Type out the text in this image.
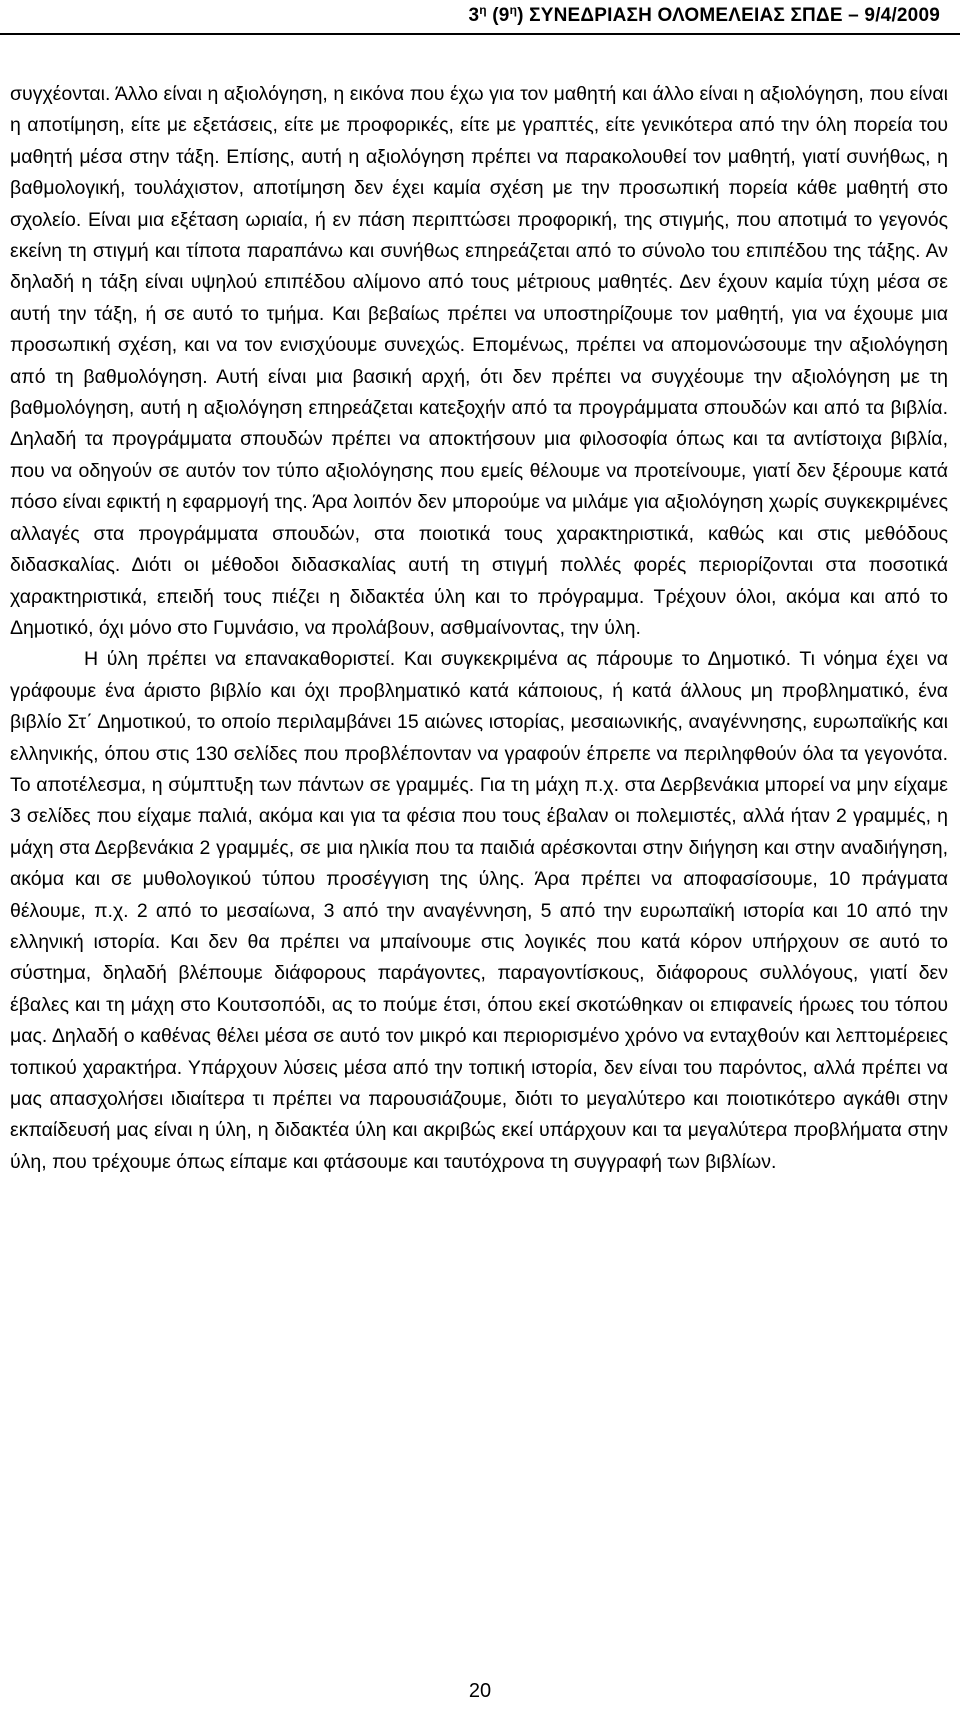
$3^\eta$ $(9^\eta)$ ΣΥΝΕΔΡΙΑΣΗ ΟΛΟΜΕΛΕΙΑΣ ΣΠΔΕ – 9/4/2009

συγχέονται. Άλλο είναι η αξιολόγηση, η εικόνα που έχω για τον μαθητή και άλλο είναι η αξιολόγηση, που είναι η αποτίμηση, είτε με εξετάσεις, είτε με προφορικές, είτε με γραπτές, είτε γενικότερα από την όλη πορεία του μαθητή μέσα στην τάξη. Επίσης, αυτή η αξιολόγηση πρέπει να παρακολουθεί τον μαθητή, γιατί συνήθως, η βαθμολογική, τουλάχιστον, αποτίμηση δεν έχει καμία σχέση με την προσωπική πορεία κάθε μαθητή στο σχολείο. Είναι μια εξέταση ωριαία, ή εν πάση περιπτώσει προφορική, της στιγμής, που αποτιμά το γεγονός εκείνη τη στιγμή και τίποτα παραπάνω και συνήθως επηρεάζεται από το σύνολο του επιπέδου της τάξης. Αν δηλαδή η τάξη είναι υψηλού επιπέδου αλίμονο από τους μέτριους μαθητές. Δεν έχουν καμία τύχη μέσα σε αυτή την τάξη, ή σε αυτό το τμήμα. Και βεβαίως πρέπει να υποστηρίζουμε τον μαθητή, για να έχουμε μια προσωπική σχέση, και να τον ενισχύουμε συνεχώς. Επομένως, πρέπει να απομονώσουμε την αξιολόγηση από τη βαθμολόγηση. Αυτή είναι μια βασική αρχή, ότι δεν πρέπει να συγχέουμε την αξιολόγηση με τη βαθμολόγηση, αυτή η αξιολόγηση επηρεάζεται κατεξοχήν από τα προγράμματα σπουδών και από τα βιβλία. Δηλαδή τα προγράμματα σπουδών πρέπει να αποκτήσουν μια φιλοσοφία όπως και τα αντίστοιχα βιβλία, που να οδηγούν σε αυτόν τον τύπο αξιολόγησης που εμείς θέλουμε να προτείνουμε, γιατί δεν ξέρουμε κατά πόσο είναι εφικτή η εφαρμογή της. Άρα λοιπόν δεν μπορούμε να μιλάμε για αξιολόγηση χωρίς συγκεκριμένες αλλαγές στα προγράμματα σπουδών, στα ποιοτικά τους χαρακτηριστικά, καθώς και στις μεθόδους διδασκαλίας. Διότι οι μέθοδοι διδασκαλίας αυτή τη στιγμή πολλές φορές περιορίζονται στα ποσοτικά χαρακτηριστικά, επειδή τους πιέζει η διδακτέα ύλη και το πρόγραμμα. Τρέχουν όλοι, ακόμα και από το Δημοτικό, όχι μόνο στο Γυμνάσιο, να προλάβουν, ασθμαίνοντας, την ύλη.

Η ύλη πρέπει να επανακαθοριστεί. Και συγκεκριμένα ας πάρουμε το Δημοτικό. Τι νόημα έχει να γράφουμε ένα άριστο βιβλίο και όχι προβληματικό κατά κάποιους, ή κατά άλλους μη προβληματικό, ένα βιβλίο Στ΄ Δημοτικού, το οποίο περιλαμβάνει 15 αιώνες ιστορίας, μεσαιωνικής, αναγέννησης, ευρωπαϊκής και ελληνικής, όπου στις 130 σελίδες που προβλέπονταν να γραφούν έπρεπε να περιληφθούν όλα τα γεγονότα. Το αποτέλεσμα, η σύμπτυξη των πάντων σε γραμμές. Για τη μάχη π.χ. στα Δερβενάκια μπορεί να μην είχαμε 3 σελίδες που είχαμε παλιά, ακόμα και για τα φέσια που τους έβαλαν οι πολεμιστές, αλλά ήταν 2 γραμμές, η μάχη στα Δερβενάκια 2 γραμμές, σε μια ηλικία που τα παιδιά αρέσκονται στην διήγηση και στην αναδιήγηση, ακόμα και σε μυθολογικού τύπου προσέγγιση της ύλης. Άρα πρέπει να αποφασίσουμε, 10 πράγματα θέλουμε, π.χ. 2 από το μεσαίωνα, 3 από την αναγέννηση, 5 από την ευρωπαϊκή ιστορία και 10 από την ελληνική ιστορία. Και δεν θα πρέπει να μπαίνουμε στις λογικές που κατά κόρον υπήρχουν σε αυτό το σύστημα, δηλαδή βλέπουμε διάφορους παράγοντες, παραγοντίσκους, διάφορους συλλόγους, γιατί δεν έβαλες και τη μάχη στο Κουτσοπόδι, ας το πούμε έτσι, όπου εκεί σκοτώθηκαν οι επιφανείς ήρωες του τόπου μας. Δηλαδή ο καθένας θέλει μέσα σε αυτό τον μικρό και περιορισμένο χρόνο να ενταχθούν και λεπτομέρειες τοπικού χαρακτήρα. Υπάρχουν λύσεις μέσα από την τοπική ιστορία, δεν είναι του παρόντος, αλλά πρέπει να μας απασχολήσει ιδιαίτερα τι πρέπει να παρουσιάζουμε, διότι το μεγαλύτερο και ποιοτικότερο αγκάθι στην εκπαίδευσή μας είναι η ύλη, η διδακτέα ύλη και ακριβώς εκεί υπάρχουν και τα μεγαλύτερα προβλήματα στην ύλη, που τρέχουμε όπως είπαμε και φτάσουμε και ταυτόχρονα τη συγγραφή των βιβλίων.

20
